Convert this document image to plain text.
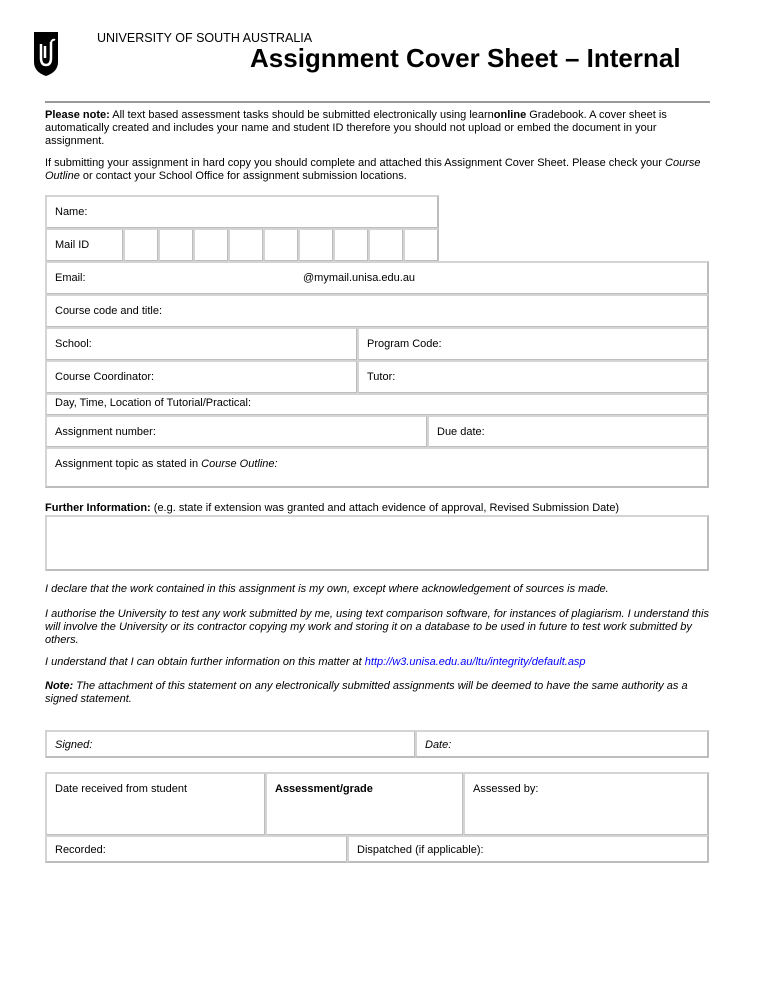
UNIVERSITY OF SOUTH AUSTRALIA
Assignment Cover Sheet – Internal
Please note: All text based assessment tasks should be submitted electronically using learnonline Gradebook. A cover sheet is automatically created and includes your name and student ID therefore you should not upload or embed the document in your assignment.
If submitting your assignment in hard copy you should complete and attached this Assignment Cover Sheet. Please check your Course Outline or contact your School Office for assignment submission locations.
Name:
Mail ID
Email:	@mymail.unisa.edu.au
Course code and title:
School:	Program Code:
Course Coordinator:	Tutor:
Day, Time, Location of Tutorial/Practical:
Assignment number:	Due date:
Assignment topic as stated in Course Outline:
Further Information: (e.g. state if extension was granted and attach evidence of approval, Revised Submission Date)
I declare that the work contained in this assignment is my own, except where acknowledgement of sources is made.
I authorise the University to test any work submitted by me, using text comparison software, for instances of plagiarism. I understand this will involve the University or its contractor copying my work and storing it on a database to be used in future to test work submitted by others.
I understand that I can obtain further information on this matter at http://w3.unisa.edu.au/ltu/integrity/default.asp
Note: The attachment of this statement on any electronically submitted assignments will be deemed to have the same authority as a signed statement.
Signed:	Date:
Date received from student	Assessment/grade	Assessed by:
Recorded:	Dispatched (if applicable):
